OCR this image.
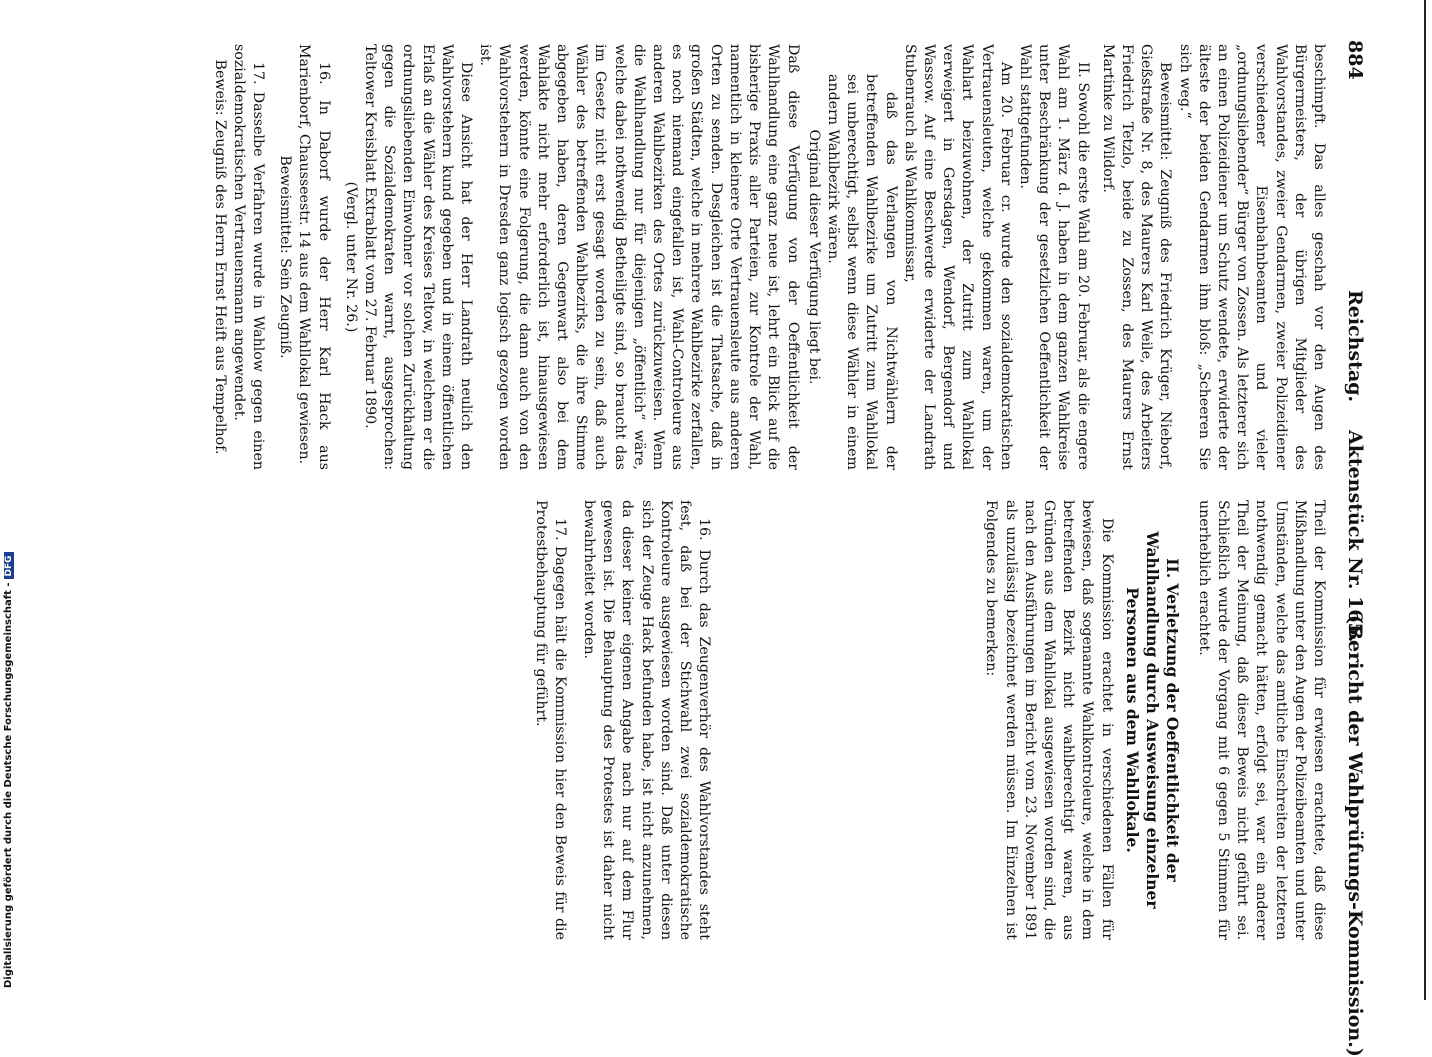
884
Reichstag.
Aktenstück Nr. 165.
(Bericht der Wahlprüfungs-Kommission.)

beschimpft. Das alles geschah vor den Augen des Bürgermeisters, der übrigen Mitglieder des Wahlvorstandes, zweier Gendarmen, zweier Polizeidiener verschiedener Eisenbahnbeamten und vieler „ordnungsliebender“ Bürger von Zossen. Als letzterer sich an einen Polizeidiener um Schutz wendete, erwiderte der älteste der beiden Gendarmen ihm bloß: „Scheeren Sie sich weg.“

Beweismittel: Zeugniß des Friedrich Krüger, Nieborf, Gießstraße Nr. 8, des Maurers Karl Weile, des Arbeiters Friedrich Tetzlo, beide zu Zossen, des Maurers Ernst Martinke zu Wildorf.

II. Sowohl die erste Wahl am 20. Februar, als die engere Wahl am 1. März d. J. haben in dem ganzen Wahlkreise unter Beschränkung der gesetzlichen Oeffentlichkeit der Wahl stattgefunden.

Am 20. Februar cr. wurde den sozialdemokratischen Vertrauensleuten, welche gekommen waren, um der Wahlart beizuwohnen, der Zutritt zum Wahllokal verweigert in Gersdagen, Wendorf, Bergendorf und Wassow. Auf eine Beschwerde erwiderte der Landrath Stubenrauch als Wahlkommissar,

daß das Verlangen von Nichtwählern der betreffenden Wahlbezirke um Zutritt zum Wahllokal sei unberechtigt, selbst wenn diese Wähler in einem andern Wahlbezirk wären.

Original dieser Verfügung liegt bei.

Daß diese Verfügung von der Oeffentlichkeit der Wahlhandlung eine ganz neue ist, lehrt ein Blick auf die bisherige Praxis aller Parteien, zur Kontrole der Wahl, namentlich in kleinere Orte Vertrauensleute aus anderen Orten zu senden. Desgleichen ist die Thatsache, daß in großen Städten, welche in mehrere Wahlbezirke zerfallen, es noch niemand eingefallen ist, Wahl-Controleure aus anderen Wahlbezirken des Ortes zurückzuweisen. Wenn die Wahlhandlung nur für diejenigen „öffentlich“ wäre, welche dabei nothwendig Betheiligte sind, so braucht das im Gesetz nicht erst gesagt worden zu sein, daß auch Wähler des betreffenden Wahlbezirks, die ihre Stimme abgegeben haben, deren Gegenwart also bei dem Wahlakte nicht mehr erforderlich ist, hinausgewiesen werden, könnte eine Folgerung, die dann auch von den Wahlvorstehern in Dresden ganz logisch gezogen worden ist.

Diese Ansicht hat der Herr Landrath neulich den Wahlvorstehern kund gegeben und in einem öffentlichen Erlaß an die Wähler des Kreises Teltow, in welchem er die ordnungsliebenden Einwohner vor solchen Zurückhaltung gegen die Sozialdemokraten warnt, ausgesprochen: Teltower Kreisblatt Extrablatt vom 27. Februar 1890.

(Vergl. unter Nr. 26.)

16. In Daborf wurde der Herr Karl Hack aus Marienborf, Chausseestr. 14 aus dem Wahllokal gewiesen.

Beweismittel: Sein Zeugniß.

17. Dasselbe Verfahren wurde in Wahlow gegen einen sozialdemokratischen Vertrauensmann angewendet.

Beweis: Zeugniß des Herrn Ernst Heift aus Tempelhof.

Theil der Kommission für erwiesen erachtete, daß diese Mißhandlung unter den Augen der Polizeibeamten und unter Umständen, welche das amtliche Einschreiten der letzteren nothwendig gemacht hätten, erfolgt sei, war ein anderer Theil der Meinung, daß dieser Beweis nicht geführt sei. Schließlich wurde der Vorgang mit 6 gegen 5 Stimmen für unerheblich erachtet.

II. Verletzung der Oeffentlichkeit der Wahlhandlung durch Ausweisung einzelner Personen aus dem Wahllokale.

Die Kommission erachtet in verschiedenen Fällen für bewiesen, daß sogenannte Wahlkontroleure, welche in dem betreffenden Bezirk nicht wahlberechtigt waren, aus Gründen aus dem Wahllokal ausgewiesen worden sind, die nach den Ausführungen im Bericht vom 23. November 1891 als unzulässig bezeichnet werden müssen. Im Einzelnen ist Folgendes zu bemerken:

16. Durch das Zeugenverhör des Wahlvorstandes steht fest, daß bei der Stichwahl zwei sozialdemokratische Kontroleure ausgewiesen worden sind. Daß unter diesen sich der Zeuge Hack befunden habe, ist nicht anzunehmen, da dieser keiner eigenen Angabe nach nur auf dem Flur gewesen ist. Die Behauptung des Protestes ist daher nicht bewahrheitet worden.

17. Dagegen hält die Kommission hier den Beweis für die Protestbehauptung für geführt.

Digitalisierung gefördert durch die Deutsche Forschungsgemeinschaft -DFG
